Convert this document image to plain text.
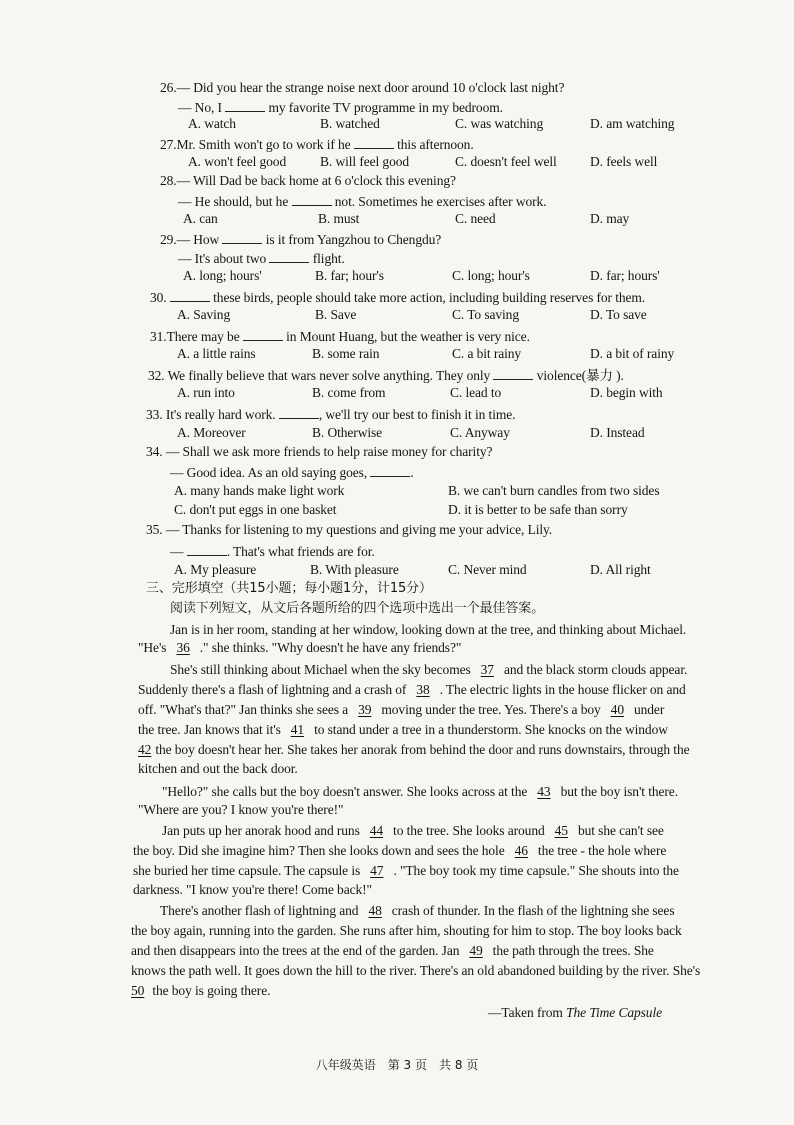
26.— Did you hear the strange noise next door around 10 o'clock last night?
— No, I	my favorite TV programme in my bedroom.
A. watch	B. watched	C. was watching	D. am watching
27.Mr. Smith won't go to work if he	this afternoon.
A. won't feel good	B. will feel good	C. doesn't feel well D. feels well
28.— Will Dad be back home at 6 o'clock this evening?
— He should, but he	not. Sometimes he exercises after work.
A. can	B. must	C. need	D. may
29.— How	is it from Yangzhou to Chengdu?
— It's about two	flight.
A. long; hours'	B. far; hour's	C. long; hour's	D. far; hours'
30.	these birds, people should take more action, including building reserves for them.
A. Saving	B. Save	C. To saving	D. To save
31.There may be	in Mount Huang, but the weather is very nice.
A. a little rains	B. some rain	C. a bit rainy	D. a bit of rainy
32. We finally believe that wars never solve anything. They only	violence(暴力 ).
A. run into	B. come from	C. lead to	D. begin with
33. It's really hard work.	, we'll try our best to finish it in time.
A. Moreover	B. Otherwise	C. Anyway	D. Instead
34. — Shall we ask more friends to help raise money for charity?
— Good idea. As an old saying goes,	.
A. many hands make light work	B. we can't burn candles from two sides
C. don't put eggs in one basket	D. it is better to be safe than sorry
35. — Thanks for listening to my questions and giving me your advice, Lily.
—	. That's what friends are for.
A. My pleasure	B. With pleasure	C. Never mind	D. All right
三、完形填空（共15小题；每小题1分，计15分）
阅读下列短文，从文后各题所给的四个选项中选出一个最佳答案。
Jan is in her room, standing at her window, looking down at the tree, and thinking about Michael.
"He's 36 ." she thinks. "Why doesn't he have any friends?"
She's still thinking about Michael when the sky becomes 37 and the black storm clouds appear.
Suddenly there's a flash of lightning and a crash of 38 . The electric lights in the house flicker on and
off. "What's that?" Jan thinks she sees a 39 moving under the tree. Yes. There's a boy 40 under
the tree. Jan knows that it's 41 to stand under a tree in a thunderstorm. She knocks on the window
42 the boy doesn't hear her. She takes her anorak from behind the door and runs downstairs, through the
kitchen and out the back door.
"Hello?" she calls but the boy doesn't answer. She looks across at the 43 but the boy isn't there.
"Where are you? I know you're there!"
Jan puts up her anorak hood and runs 44 to the tree. She looks around 45 but she can't see
the boy. Did she imagine him? Then she looks down and sees the hole 46 the tree - the hole where
she buried her time capsule. The capsule is 47 . "The boy took my time capsule." She shouts into the
darkness. "I know you're there! Come back!"
There's another flash of lightning and 48 crash of thunder. In the flash of the lightning she sees
the boy again, running into the garden. She runs after him, shouting for him to stop. The boy looks back
and then disappears into the trees at the end of the garden. Jan 49 the path through the trees. She
knows the path well. It goes down the hill to the river. There's an old abandoned building by the river. She's
50 the boy is going there.
—Taken from The Time Capsule
八年级英语　第 3 页　共 8 页
